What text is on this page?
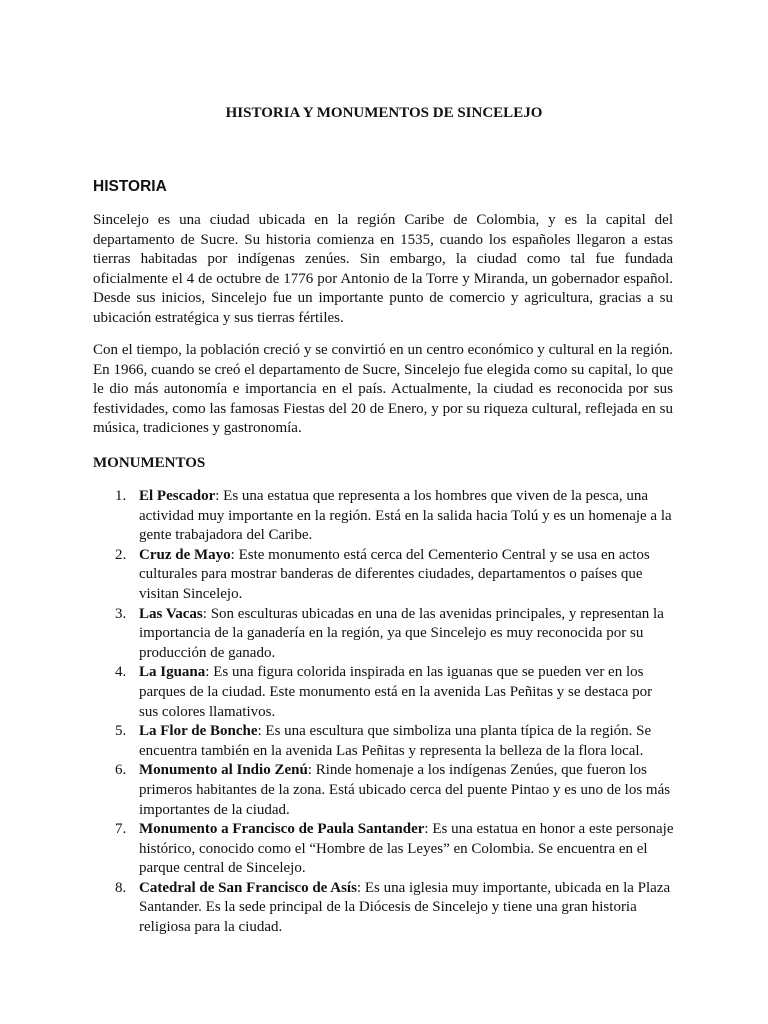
HISTORIA Y MONUMENTOS DE SINCELEJO
HISTORIA

Sincelejo es una ciudad ubicada en la región Caribe de Colombia, y es la capital del departamento de Sucre. Su historia comienza en 1535, cuando los españoles llegaron a estas tierras habitadas por indígenas zenúes. Sin embargo, la ciudad como tal fue fundada oficialmente el 4 de octubre de 1776 por Antonio de la Torre y Miranda, un gobernador español. Desde sus inicios, Sincelejo fue un importante punto de comercio y agricultura, gracias a su ubicación estratégica y sus tierras fértiles.

Con el tiempo, la población creció y se convirtió en un centro económico y cultural en la región. En 1966, cuando se creó el departamento de Sucre, Sincelejo fue elegida como su capital, lo que le dio más autonomía e importancia en el país. Actualmente, la ciudad es reconocida por sus festividades, como las famosas Fiestas del 20 de Enero, y por su riqueza cultural, reflejada en su música, tradiciones y gastronomía.

MONUMENTOS
1. El Pescador: Es una estatua que representa a los hombres que viven de la pesca, una actividad muy importante en la región. Está en la salida hacia Tolú y es un homenaje a la gente trabajadora del Caribe.
2. Cruz de Mayo: Este monumento está cerca del Cementerio Central y se usa en actos culturales para mostrar banderas de diferentes ciudades, departamentos o países que visitan Sincelejo.
3. Las Vacas: Son esculturas ubicadas en una de las avenidas principales, y representan la importancia de la ganadería en la región, ya que Sincelejo es muy reconocida por su producción de ganado.
4. La Iguana: Es una figura colorida inspirada en las iguanas que se pueden ver en los parques de la ciudad. Este monumento está en la avenida Las Peñitas y se destaca por sus colores llamativos.
5. La Flor de Bonche: Es una escultura que simboliza una planta típica de la región. Se encuentra también en la avenida Las Peñitas y representa la belleza de la flora local.
6. Monumento al Indio Zenú: Rinde homenaje a los indígenas Zenúes, que fueron los primeros habitantes de la zona. Está ubicado cerca del puente Pintao y es uno de los más importantes de la ciudad.
7. Monumento a Francisco de Paula Santander: Es una estatua en honor a este personaje histórico, conocido como el “Hombre de las Leyes” en Colombia. Se encuentra en el parque central de Sincelejo.
8. Catedral de San Francisco de Asís: Es una iglesia muy importante, ubicada en la Plaza Santander. Es la sede principal de la Diócesis de Sincelejo y tiene una gran historia religiosa para la ciudad.
